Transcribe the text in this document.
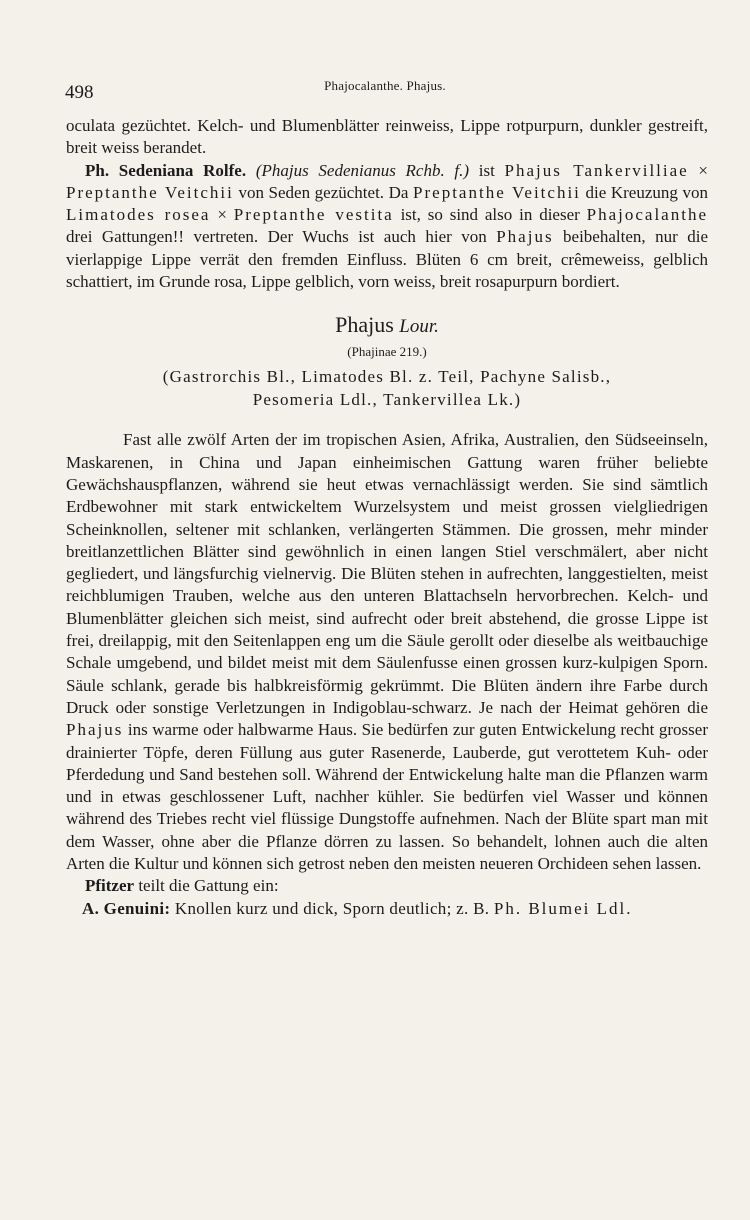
498	Phajocalanthe. Phajus.

oculata gezüchtet. Kelch- und Blumenblätter reinweiss, Lippe rotpurpurn, dunkler gestreift, breit weiss berandet.

Ph. Sedeniana Rolfe. (Phajus Sedenianus Rchb. f.) ist Phajus Tankervilliae × Preptanthe Veitchii von Seden gezüchtet. Da Preptanthe Veitchii die Kreuzung von Limatodes rosea × Preptanthe vestita ist, so sind also in dieser Phajocalanthe drei Gattungen!! vertreten. Der Wuchs ist auch hier von Phajus beibehalten, nur die vierlappige Lippe verrät den fremden Einfluss. Blüten 6 cm breit, crêmeweiss, gelblich schattiert, im Grunde rosa, Lippe gelblich, vorn weiss, breit rosapurpurn bordiert.

Phajus Lour.
(Phajinae 219.)
(Gastrorchis Bl., Limatodes Bl. z. Teil, Pachyne Salisb.,
Pesomeria Ldl., Tankervillea Lk.)

Fast alle zwölf Arten der im tropischen Asien, Afrika, Australien, den Südseeinseln, Maskarenen, in China und Japan einheimischen Gattung waren früher beliebte Gewächshauspflanzen, während sie heut etwas vernachlässigt werden. Sie sind sämtlich Erdbewohner mit stark entwickeltem Wurzelsystem und meist grossen vielgliedrigen Scheinknollen, seltener mit schlanken, verlängerten Stämmen. Die grossen, mehr minder breitlanzettlichen Blätter sind gewöhnlich in einen langen Stiel verschmälert, aber nicht gegliedert, und längsfurchig vielnervig. Die Blüten stehen in aufrechten, langgestielten, meist reichblumigen Trauben, welche aus den unteren Blattachseln hervorbrechen. Kelch- und Blumenblätter gleichen sich meist, sind aufrecht oder breit abstehend, die grosse Lippe ist frei, dreilappig, mit den Seitenlappen eng um die Säule gerollt oder dieselbe als weitbauchige Schale umgebend, und bildet meist mit dem Säulenfusse einen grossen kurz-kulpigen Sporn. Säule schlank, gerade bis halbkreisförmig gekrümmt. Die Blüten ändern ihre Farbe durch Druck oder sonstige Verletzungen in Indigoblau-schwarz. Je nach der Heimat gehören die Phajus ins warme oder halbwarme Haus. Sie bedürfen zur guten Entwickelung recht grosser drainierter Töpfe, deren Füllung aus guter Rasenerde, Lauberde, gut verottetem Kuh- oder Pferdedung und Sand bestehen soll. Während der Entwickelung halte man die Pflanzen warm und in etwas geschlossener Luft, nachher kühler. Sie bedürfen viel Wasser und können während des Triebes recht viel flüssige Dungstoffe aufnehmen. Nach der Blüte spart man mit dem Wasser, ohne aber die Pflanze dörren zu lassen. So behandelt, lohnen auch die alten Arten die Kultur und können sich getrost neben den meisten neueren Orchideen sehen lassen.

Pfitzer teilt die Gattung ein:

A. Genuini: Knollen kurz und dick, Sporn deutlich; z. B. Ph. Blumei Ldl.
